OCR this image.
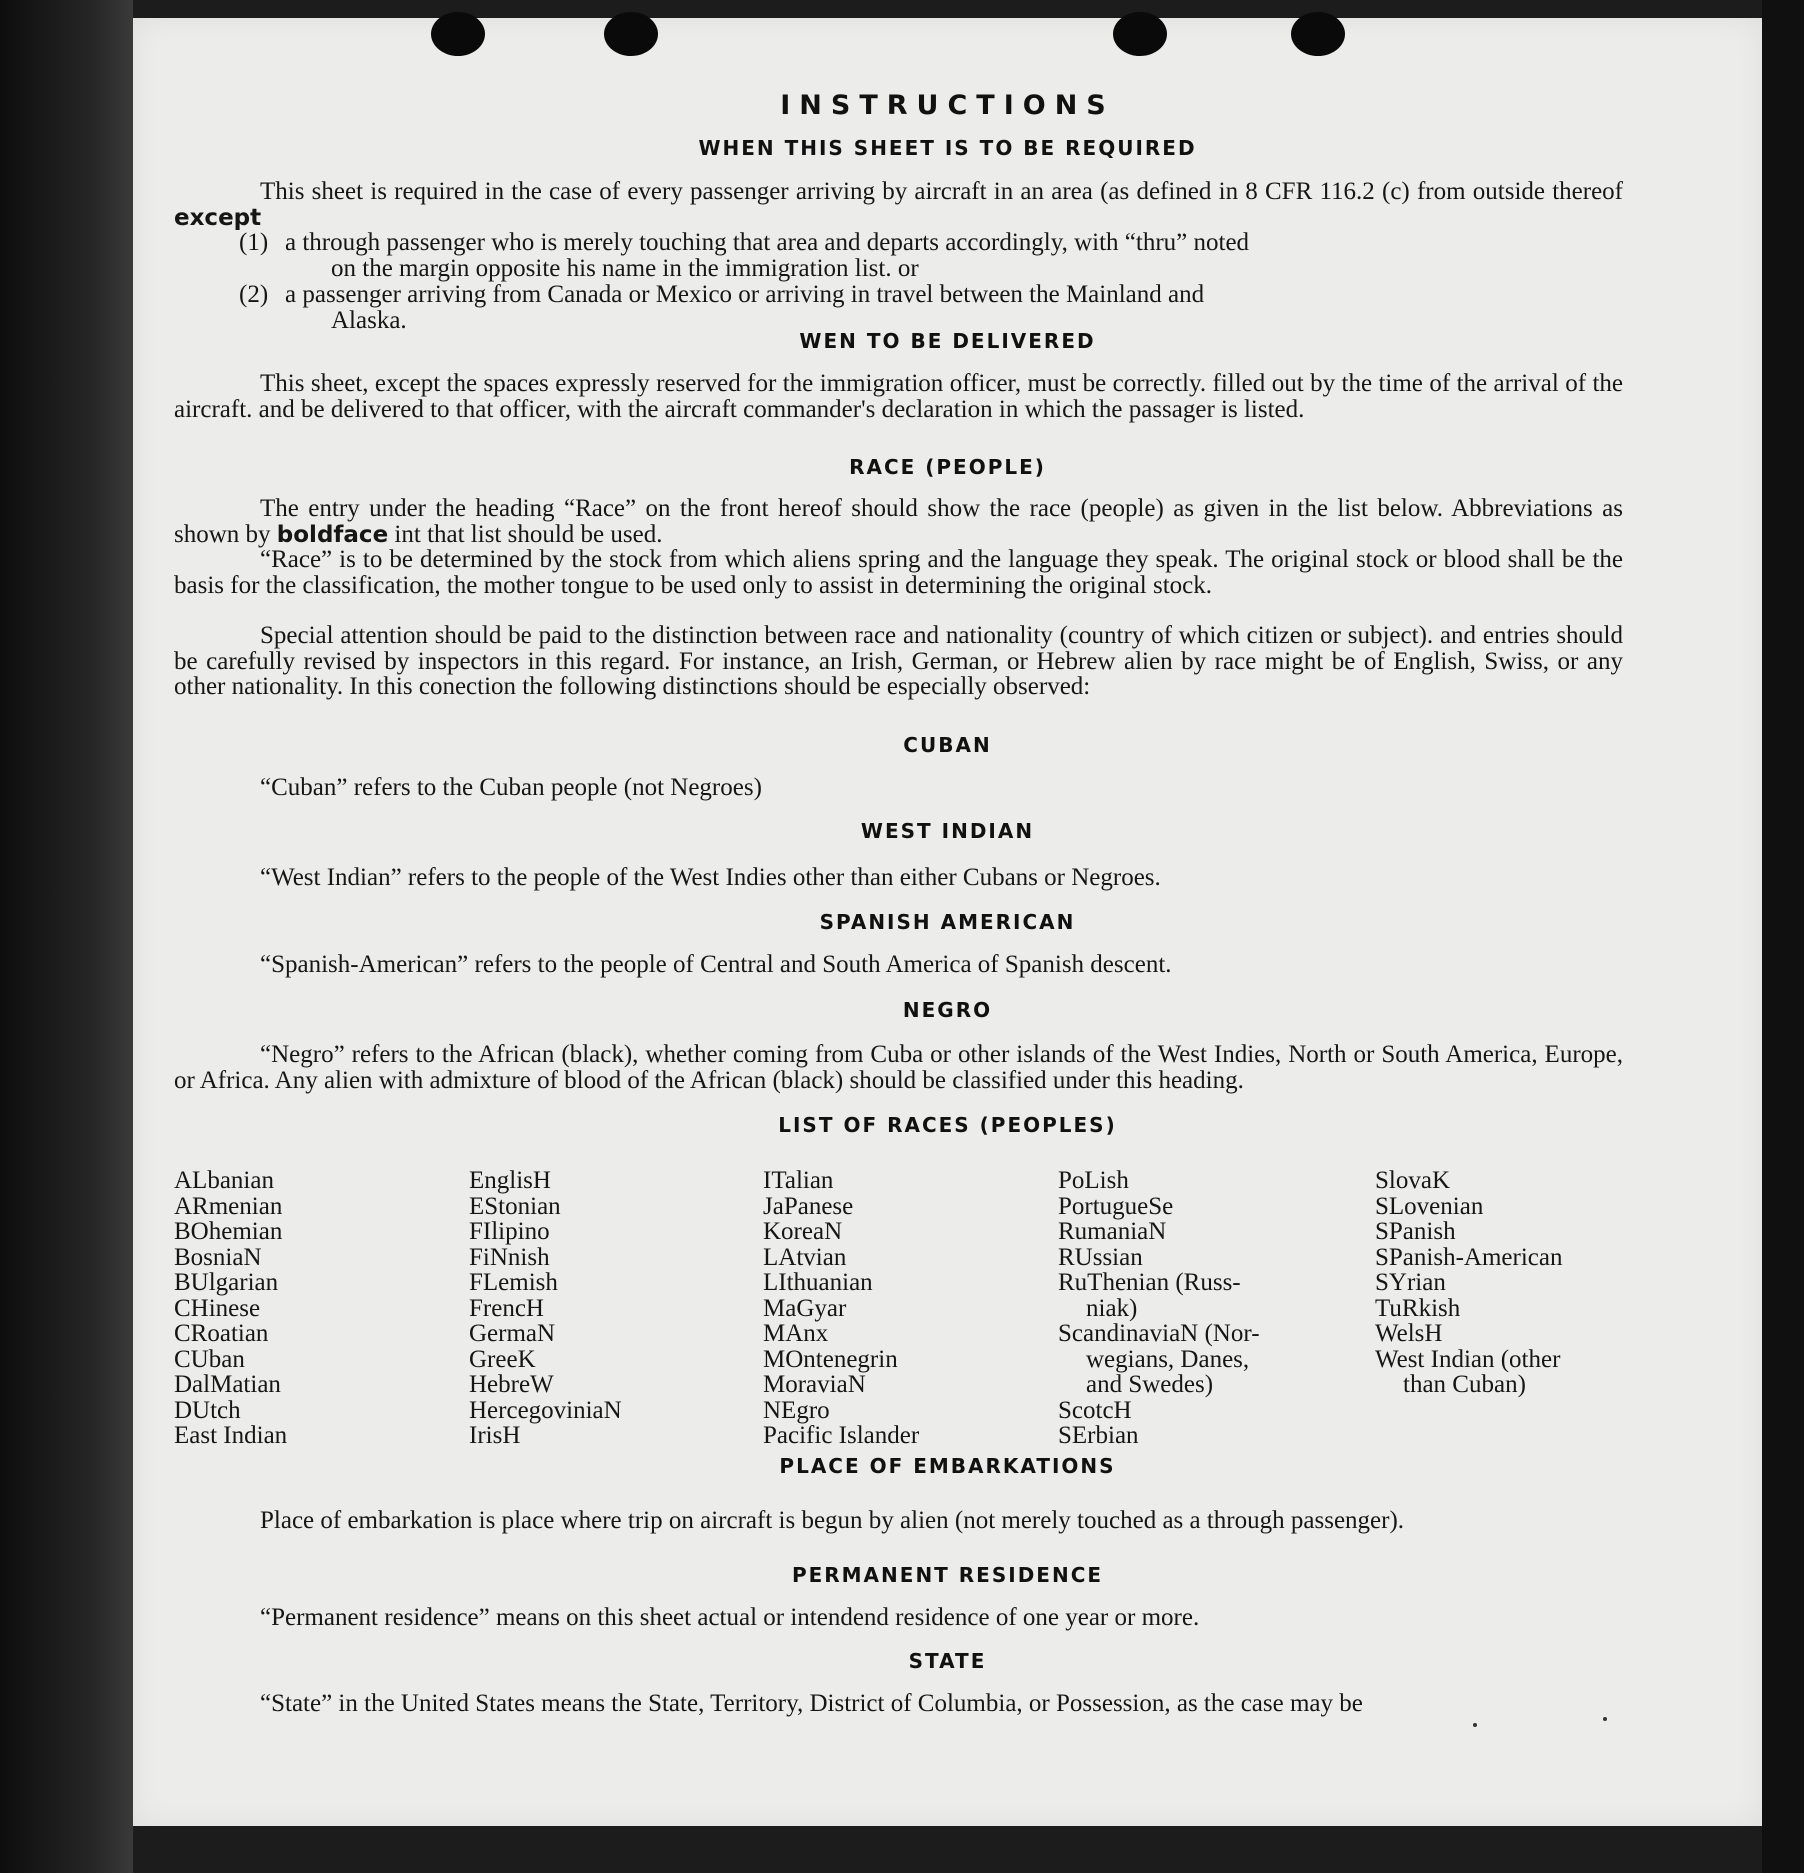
INSTRUCTIONS
WHEN THIS SHEET IS TO BE REQUIRED
This sheet is required in the case of every passenger arriving by aircraft in an area (as defined in 8 CFR 116.2 (c) from outside thereof except
(1) a through passenger who is merely touching that area and departs accordingly, with “thru” noted
on the margin opposite his name in the immigration list. or
(2) a passenger arriving from Canada or Mexico or arriving in travel between the Mainland and
Alaska.
WEN TO BE DELIVERED
This sheet, except the spaces expressly reserved for the immigration officer, must be correctly. filled out by the time of the arrival of the aircraft. and be delivered to that officer, with the aircraft commander's declaration in which the passager is listed.
RACE (PEOPLE)
The entry under the heading “Race” on the front hereof should show the race (people) as given in the list below. Abbreviations as shown by boldface int that list should be used.
“Race” is to be determined by the stock from which aliens spring and the language they speak. The original stock or blood shall be the basis for the classification, the mother tongue to be used only to assist in determining the original stock.
Special attention should be paid to the distinction between race and nationality (country of which citizen or subject). and entries should be carefully revised by inspectors in this regard. For instance, an Irish, German, or Hebrew alien by race might be of English, Swiss, or any other nationality. In this conection the following distinctions should be especially observed:
CUBAN
“Cuban” refers to the Cuban people (not Negroes)
WEST INDIAN
“West Indian” refers to the people of the West Indies other than either Cubans or Negroes.
SPANISH AMERICAN
“Spanish-American” refers to the people of Central and South America of Spanish descent.
NEGRO
“Negro” refers to the African (black), whether coming from Cuba or other islands of the West Indies, North or South America, Europe, or Africa. Any alien with admixture of blood of the African (black) should be classified under this heading.
LIST OF RACES (PEOPLES)
ALbanian
ARmenian
BOhemian
BosniaN
BUlgarian
CHinese
CRoatian
CUban
DalMatian
DUtch
East Indian
EnglisH
EStonian
FIlipino
FiNnish
FLemish
FrencH
GermaN
GreeK
HebreW
HercegoviniaN
IrisH
ITalian
JaPanese
KoreaN
LAtvian
LIthuanian
MaGyar
MAnx
MOntenegrin
MoraviaN
NEgro
Pacific Islander
PoLish
PortugueSe
RumaniaN
RUssian
RuThenian (Russ-
niak)
ScandinaviaN (Nor-
wegians, Danes,
and Swedes)
ScotcH
SErbian
SlovaK
SLovenian
SPanish
SPanish-American
SYrian
TuRkish
WelsH
West Indian (other
than Cuban)
PLACE OF EMBARKATIONS
Place of embarkation is place where trip on aircraft is begun by alien (not merely touched as a through passenger).
PERMANENT RESIDENCE
“Permanent residence” means on this sheet actual or intendend residence of one year or more.
STATE
“State” in the United States means the State, Territory, District of Columbia, or Possession, as the case may be
